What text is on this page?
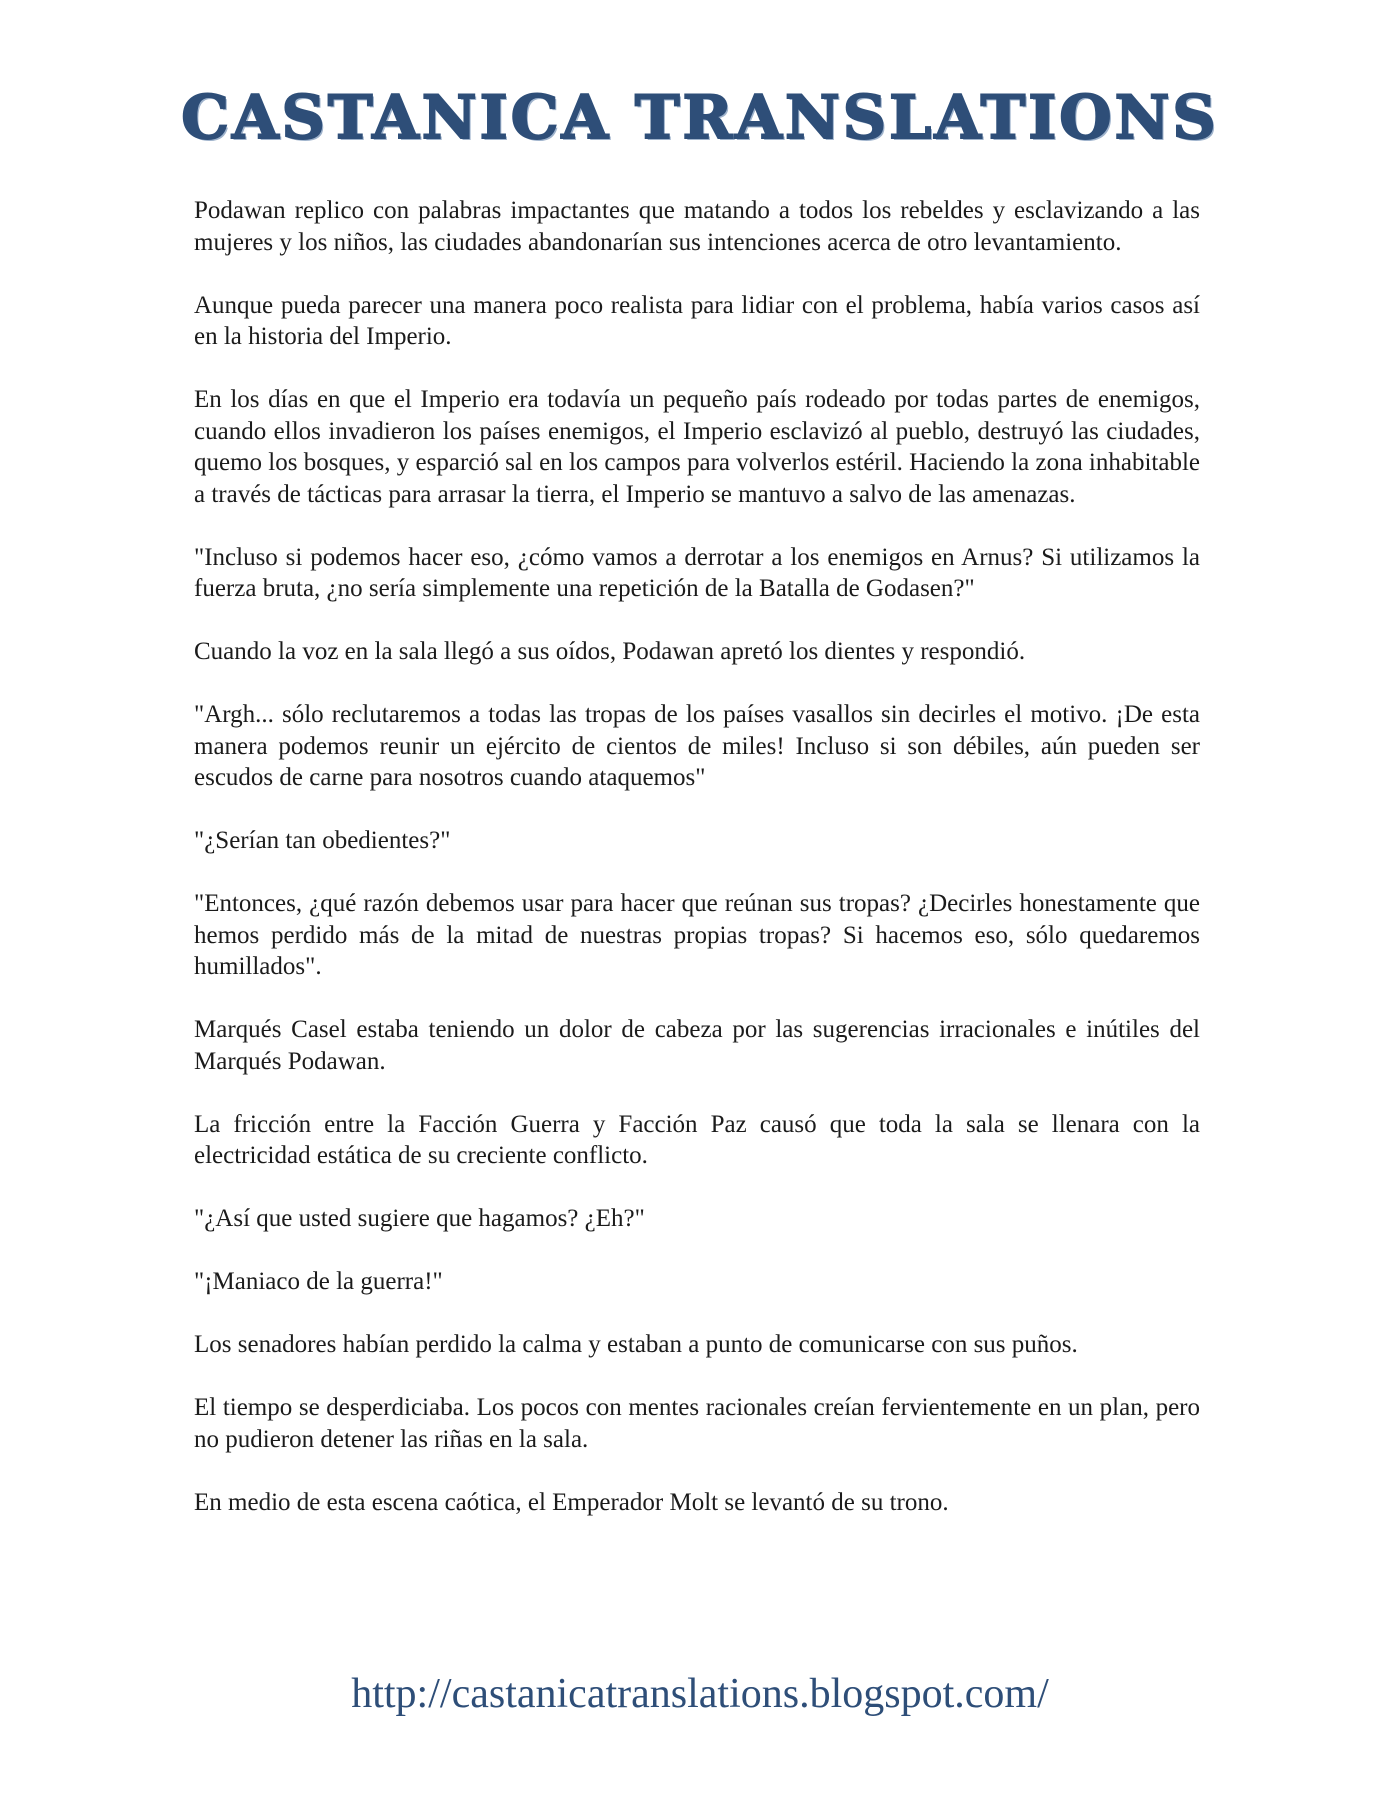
CASTANICA TRANSLATIONS

Podawan replico con palabras impactantes que matando a todos los rebeldes y esclavizando a las mujeres y los niños, las ciudades abandonarían sus intenciones acerca de otro levantamiento.

Aunque pueda parecer una manera poco realista para lidiar con el problema, había varios casos así en la historia del Imperio.

En los días en que el Imperio era todavía un pequeño país rodeado por todas partes de enemigos, cuando ellos invadieron los países enemigos, el Imperio esclavizó al pueblo, destruyó las ciudades, quemo los bosques, y esparció sal en los campos para volverlos estéril. Haciendo la zona inhabitable a través de tácticas para arrasar la tierra, el Imperio se mantuvo a salvo de las amenazas.

"Incluso si podemos hacer eso, ¿cómo vamos a derrotar a los enemigos en Arnus? Si utilizamos la fuerza bruta, ¿no sería simplemente una repetición de la Batalla de Godasen?"

Cuando la voz en la sala llegó a sus oídos, Podawan apretó los dientes y respondió.

"Argh... sólo reclutaremos a todas las tropas de los países vasallos sin decirles el motivo. ¡De esta manera podemos reunir un ejército de cientos de miles! Incluso si son débiles, aún pueden ser escudos de carne para nosotros cuando ataquemos"

"¿Serían tan obedientes?"

"Entonces, ¿qué razón debemos usar para hacer que reúnan sus tropas? ¿Decirles honestamente que hemos perdido más de la mitad de nuestras propias tropas? Si hacemos eso, sólo quedaremos humillados".

Marqués Casel estaba teniendo un dolor de cabeza por las sugerencias irracionales e inútiles del Marqués Podawan.

La fricción entre la Facción Guerra y Facción Paz causó que toda la sala se llenara con la electricidad estática de su creciente conflicto.

"¿Así que usted sugiere que hagamos? ¿Eh?"

"¡Maniaco de la guerra!"

Los senadores habían perdido la calma y estaban a punto de comunicarse con sus puños.

El tiempo se desperdiciaba. Los pocos con mentes racionales creían fervientemente en un plan, pero no pudieron detener las riñas en la sala.

En medio de esta escena caótica, el Emperador Molt se levantó de su trono.

http://castanicatranslations.blogspot.com/
